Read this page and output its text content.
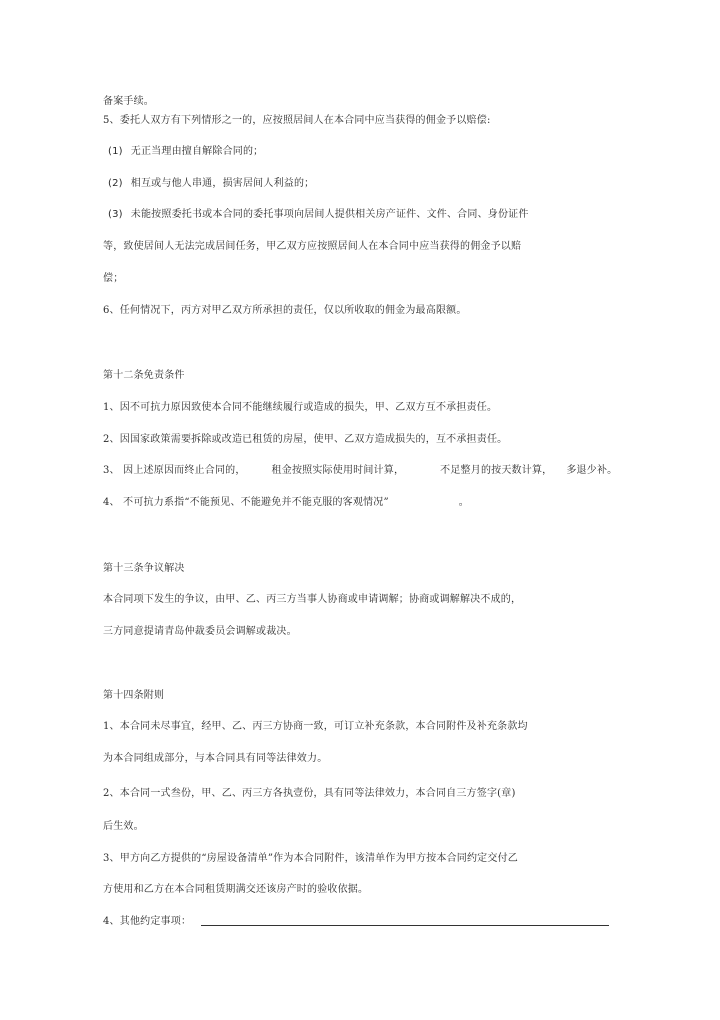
备案手续。
5、委托人双方有下列情形之一的，应按照居间人在本合同中应当获得的佣金予以赔偿:
(1) 无正当理由擅自解除合同的；
(2) 相互或与他人串通，损害居间人利益的；
(3) 未能按照委托书或本合同的委托事项向居间人提供相关房产证件、文件、合同、身份证件
等，致使居间人无法完成居间任务，甲乙双方应按照居间人在本合同中应当获得的佣金予以赔
偿；
6、任何情况下，丙方对甲乙双方所承担的责任，仅以所收取的佣金为最高限额。
第十二条免责条件
1、因不可抗力原因致使本合同不能继续履行或造成的损失，甲、乙双方互不承担责任。
2、因国家政策需要拆除或改造已租赁的房屋，使甲、乙双方造成损失的，互不承担责任。
3、 因上述原因而终止合同的，	租金按照实际使用时间计算，	不足整月的按天数计算， 多退少补。
4、 不可抗力系指“不能预见、不能避免并不能克服的客观情况”	。
第十三条争议解决
本合同项下发生的争议，由甲、乙、丙三方当事人协商或申请调解；协商或调解解决不成的，
三方同意提请青岛仲裁委员会调解或裁决。
第十四条附则
1、本合同未尽事宜，经甲、乙、丙三方协商一致，可订立补充条款，本合同附件及补充条款均
为本合同组成部分，与本合同具有同等法律效力。
2、本合同一式叁份，甲、乙、丙三方各执壹份，具有同等法律效力，本合同自三方签字(章)
后生效。
3、甲方向乙方提供的“房屋设备清单”作为本合同附件，该清单作为甲方按本合同约定交付乙
方使用和乙方在本合同租赁期满交还该房产时的验收依据。
4、其他约定事项：
